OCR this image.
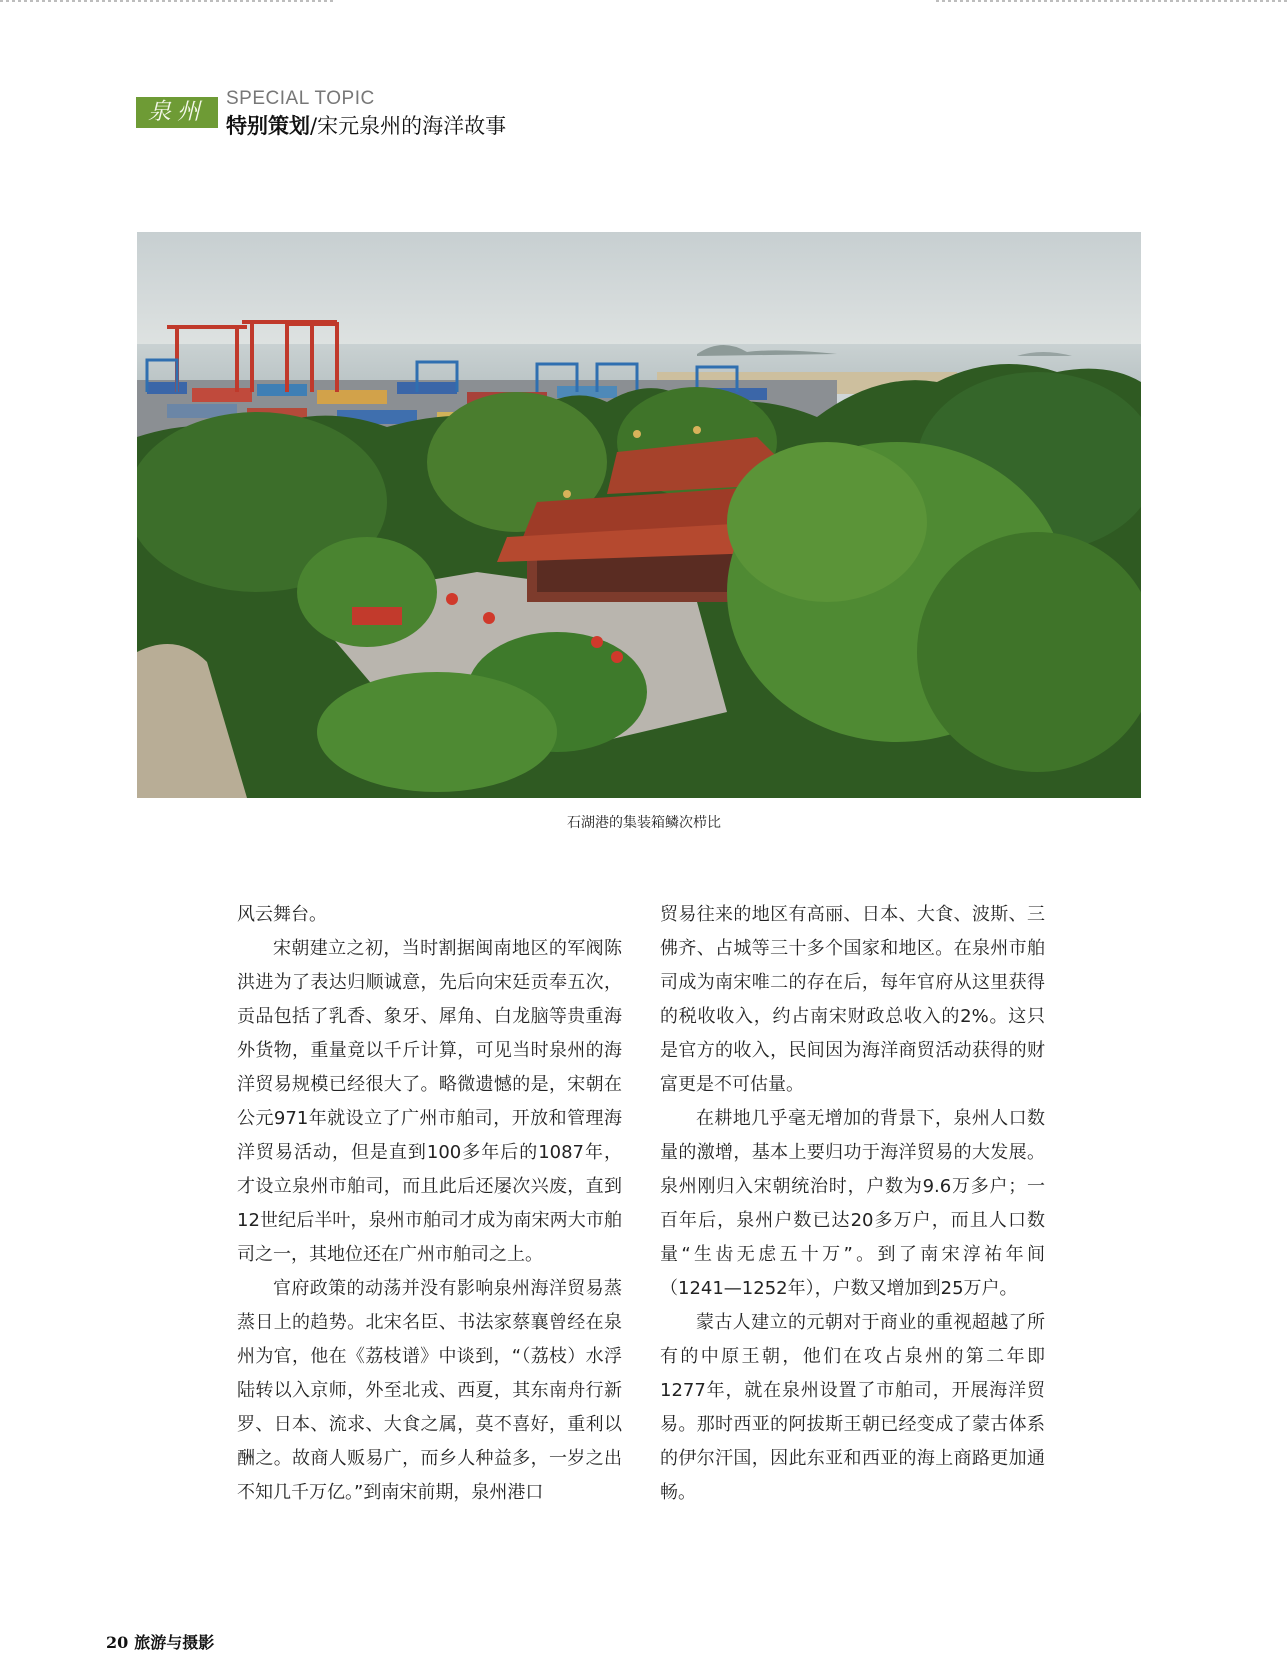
泉州
SPECIAL TOPIC
特别策划/宋元泉州的海洋故事
石湖港的集装箱鳞次栉比

风云舞台。

宋朝建立之初，当时割据闽南地区的军阀陈洪进为了表达归顺诚意，先后向宋廷贡奉五次，贡品包括了乳香、象牙、犀角、白龙脑等贵重海外货物，重量竟以千斤计算，可见当时泉州的海洋贸易规模已经很大了。略微遗憾的是，宋朝在公元971年就设立了广州市舶司，开放和管理海洋贸易活动，但是直到100多年后的1087年，才设立泉州市舶司，而且此后还屡次兴废，直到12世纪后半叶，泉州市舶司才成为南宋两大市舶司之一，其地位还在广州市舶司之上。

官府政策的动荡并没有影响泉州海洋贸易蒸蒸日上的趋势。北宋名臣、书法家蔡襄曾经在泉州为官，他在《荔枝谱》中谈到，“（荔枝）水浮陆转以入京师，外至北戎、西夏，其东南舟行新罗、日本、流求、大食之属，莫不喜好，重利以酬之。故商人贩易广，而乡人种益多，一岁之出不知几千万亿。”到南宋前期，泉州港口

贸易往来的地区有高丽、日本、大食、波斯、三佛齐、占城等三十多个国家和地区。在泉州市舶司成为南宋唯二的存在后，每年官府从这里获得的税收收入，约占南宋财政总收入的2%。这只是官方的收入，民间因为海洋商贸活动获得的财富更是不可估量。

在耕地几乎毫无增加的背景下，泉州人口数量的激增，基本上要归功于海洋贸易的大发展。泉州刚归入宋朝统治时，户数为9.6万多户；一百年后，泉州户数已达20多万户，而且人口数量“生齿无虑五十万”。到了南宋淳祐年间（1241—1252年），户数又增加到25万户。

蒙古人建立的元朝对于商业的重视超越了所有的中原王朝，他们在攻占泉州的第二年即1277年，就在泉州设置了市舶司，开展海洋贸易。那时西亚的阿拔斯王朝已经变成了蒙古体系的伊尔汗国，因此东亚和西亚的海上商路更加通畅。

20 旅游与摄影
